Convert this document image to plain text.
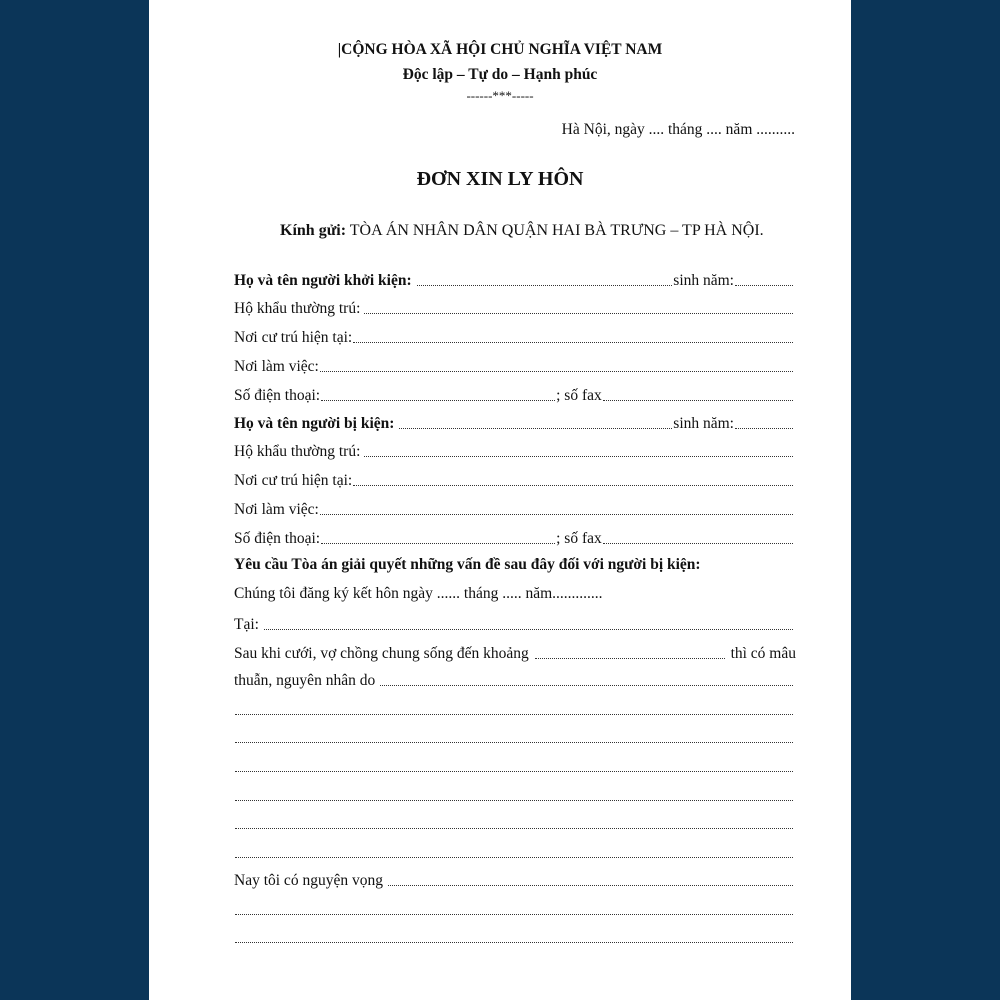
|CỘNG HÒA XÃ HỘI CHỦ NGHĨA VIỆT NAM
Độc lập – Tự do – Hạnh phúc
------***-----
Hà Nội, ngày .... tháng .... năm ..........
ĐƠN XIN LY HÔN
Kính gửi: TÒA ÁN NHÂN DÂN QUẬN HAI BÀ TRƯNG – TP HÀ NỘI.
Họ và tên người khởi kiện:	sinh năm:
Hộ khẩu thường trú:
Nơi cư trú hiện tại:
Nơi làm việc:
Số điện thoại:	; số fax
Họ và tên người bị kiện:	sinh năm:
Hộ khẩu thường trú:
Nơi cư trú hiện tại:
Nơi làm việc:
Số điện thoại:	; số fax
Yêu cầu Tòa án giải quyết những vấn đề sau đây đối với người bị kiện:
Chúng tôi đăng ký kết hôn ngày ...... tháng ..... năm.............
Tại:
Sau khi cưới, vợ chồng chung sống đến khoảng	thì có mâu
thuẫn, nguyên nhân do
Nay tôi có nguyện vọng
